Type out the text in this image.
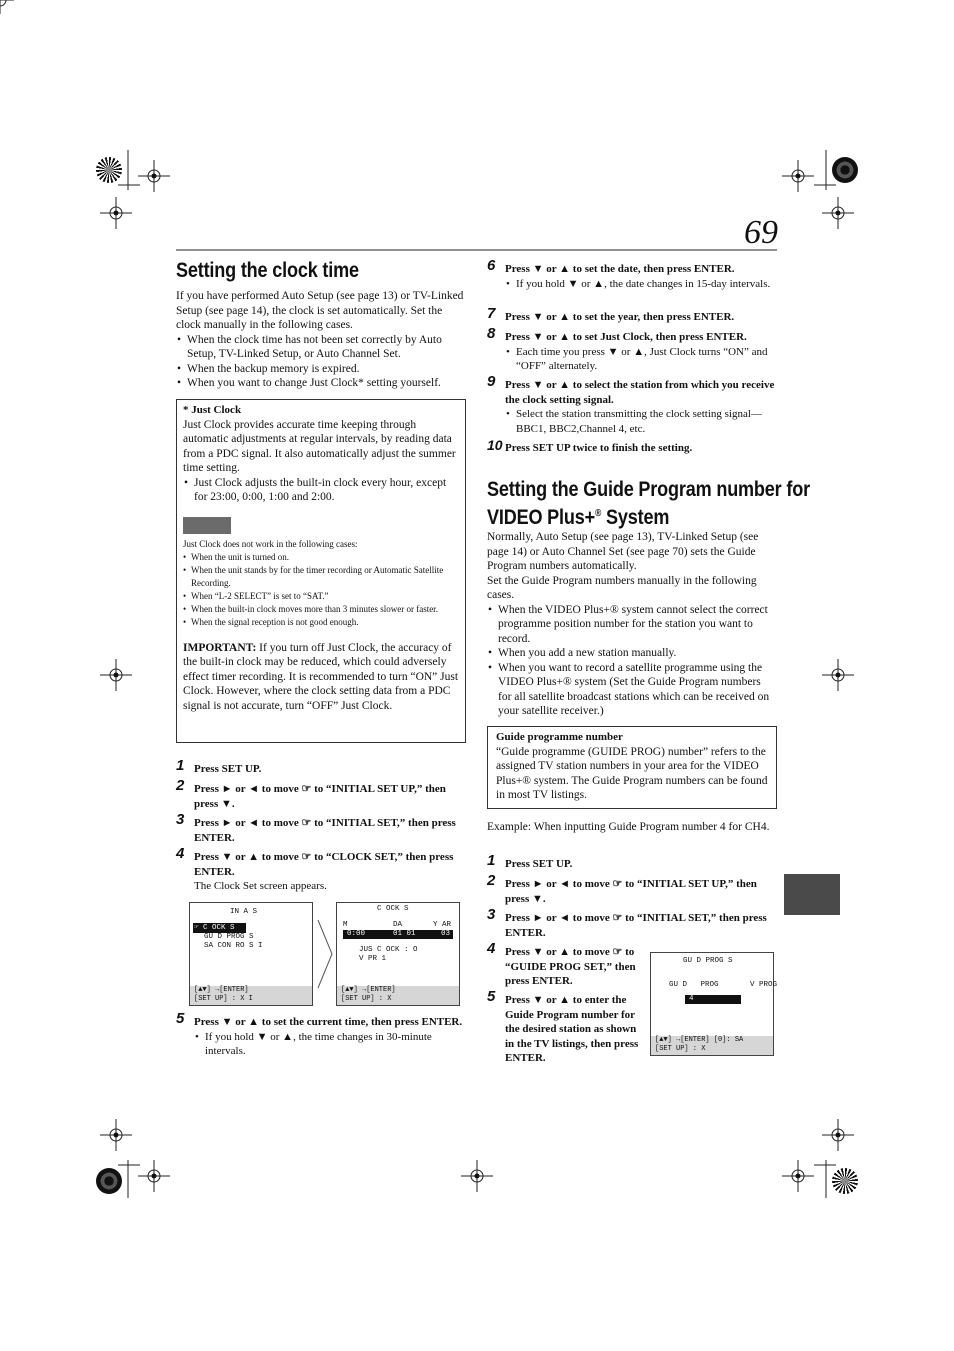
69
Setting the clock time
If you have performed Auto Setup (see page 13) or TV-Linked Setup (see page 14), the clock is set automatically. Set the clock manually in the following cases.
• When the clock time has not been set correctly by Auto Setup, TV-Linked Setup, or Auto Channel Set.
• When the backup memory is expired.
• When you want to change Just Clock* setting yourself.
* Just Clock
Just Clock provides accurate time keeping through automatic adjustments at regular intervals, by reading data from a PDC signal. It also automatically adjust the summer time setting.
• Just Clock adjusts the built-in clock every hour, except for 23:00, 0:00, 1:00 and 2:00.
Just Clock does not work in the following cases:
• When the unit is turned on.
• When the unit stands by for the timer recording or Automatic Satellite Recording.
• When “L-2 SELECT” is set to “SAT.”
• When the built-in clock moves more than 3 minutes slower or faster.
• When the signal reception is not good enough.
IMPORTANT: If you turn off Just Clock, the accuracy of the built-in clock may be reduced, which could adversely effect timer recording. It is recommended to turn “ON” Just Clock. However, where the clock setting data from a PDC signal is not accurate, turn “OFF” Just Clock.
1 Press SET UP.
2 Press ► or ◄ to move ☞ to “INITIAL SET UP,” then press ▼.
3 Press ► or ◄ to move ☞ to “INITIAL SET,” then press ENTER.
4 Press ▼ or ▲ to move ☞ to “CLOCK SET,” then press ENTER.
The Clock Set screen appears.
IN A S
☞ C OCK S
GU D PROG S
SA CON RO S I
[▲▼] →[ENTER]
[SET UP] : X I
C OCK S
M	DA	Y AR
0:00	01 01	03
JUS C OCK : O
V PR 1
[▲▼] →[ENTER]
[SET UP] : X
5 Press ▼ or ▲ to set the current time, then press ENTER.
• If you hold ▼ or ▲, the time changes in 30-minute intervals.
6 Press ▼ or ▲ to set the date, then press ENTER.
• If you hold ▼ or ▲, the date changes in 15-day intervals.
7 Press ▼ or ▲ to set the year, then press ENTER.
8 Press ▼ or ▲ to set Just Clock, then press ENTER.
• Each time you press ▼ or ▲, Just Clock turns “ON” and “OFF” alternately.
9 Press ▼ or ▲ to select the station from which you receive the clock setting signal.
• Select the station transmitting the clock setting signal—BBC1, BBC2,Channel 4, etc.
10 Press SET UP twice to finish the setting.
Setting the Guide Program number for
VIDEO Plus+® System
Normally, Auto Setup (see page 13), TV-Linked Setup (see page 14) or Auto Channel Set (see page 70) sets the Guide Program numbers automatically.
Set the Guide Program numbers manually in the following cases.
• When the VIDEO Plus+® system cannot select the correct programme position number for the station you want to record.
• When you add a new station manually.
• When you want to record a satellite programme using the VIDEO Plus+® system (Set the Guide Program numbers for all satellite broadcast stations which can be received on your satellite receiver.)
Guide programme number
“Guide programme (GUIDE PROG) number” refers to the assigned TV station numbers in your area for the VIDEO Plus+® system. The Guide Program numbers can be found in most TV listings.
Example: When inputting Guide Program number 4 for CH4.
1 Press SET UP.
2 Press ► or ◄ to move ☞ to “INITIAL SET UP,” then press ▼.
3 Press ► or ◄ to move ☞ to “INITIAL SET,” then press ENTER.
4 Press ▼ or ▲ to move ☞ to “GUIDE PROG SET,” then press ENTER.
5 Press ▼ or ▲ to enter the Guide Program number for the desired station as shown in the TV listings, then press ENTER.
GU D PROG S
GU D   PROG       V PROG
4	5
[▲▼] →[ENTER] [0]: SA
[SET UP] : X
